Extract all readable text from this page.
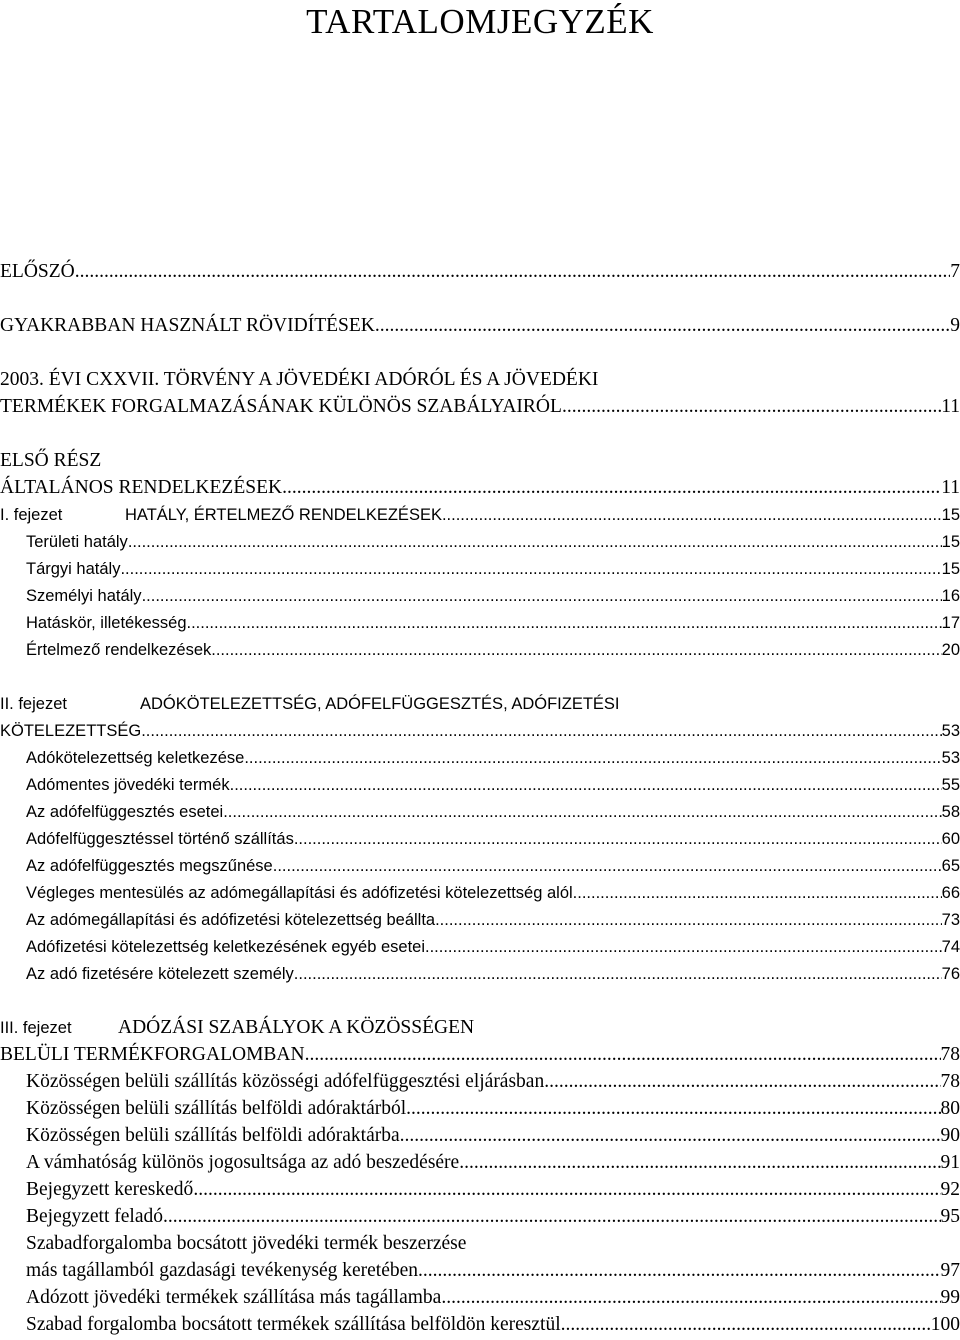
TARTALOMJEGYZÉK
ELŐSZÓ .....	7
GYAKRABBAN HASZNÁLT RÖVIDÍTÉSEK .....	9
2003. ÉVI CXXVII. TÖRVÉNY A JÖVEDÉKI ADÓRÓL ÉS A JÖVEDÉKI
TERMÉKEK FORGALMAZÁSÁNAK KÜLÖNÖS SZABÁLYAIRÓL .....	11
ELSŐ RÉSZ
ÁLTALÁNOS RENDELKEZÉSEK .....	11
I. fejezet	HATÁLY, ÉRTELMEZŐ RENDELKEZÉSEK .....	15
Területi hatály .....	15
Tárgyi hatály .....	15
Személyi hatály .....	16
Hatáskör, illetékesség .....	17
Értelmező rendelkezések .....	20
II. fejezet	ADÓKÖTELEZETTSÉG, ADÓFELFÜGGESZTÉS, ADÓFIZETÉSI
KÖTELEZETTSÉG .....	53
Adókötelezettség keletkezése .....	53
Adómentes jövedéki termék .....	55
Az adófelfüggesztés esetei .....	58
Adófelfüggesztéssel történő szállítás .....	60
Az adófelfüggesztés megszűnése .....	65
Végleges mentesülés az adómegállapítási és adófizetési kötelezettség alól. .....	66
Az adómegállapítási és adófizetési kötelezettség beállta .....	73
Adófizetési kötelezettség keletkezésének egyéb esetei .....	74
Az adó fizetésére kötelezett személy .....	76
III. fejezet ADÓZÁSI SZABÁLYOK A KÖZÖSSÉGEN
BELÜLI TERMÉKFORGALOMBAN .....	78
Közösségen belüli szállítás közösségi adófelfüggesztési eljárásban .....	78
Közösségen belüli szállítás belföldi adóraktárból .....	80
Közösségen belüli szállítás belföldi adóraktárba. .....	90
A vámhatóság különös jogosultsága az adó beszedésére .....	91
Bejegyzett kereskedő .....	92
Bejegyzett feladó .....	95
Szabadforgalomba bocsátott jövedéki termék beszerzése
más tagállamból gazdasági tevékenység keretében .....	97
Adózott jövedéki termékek szállítása más tagállamba .....	99
Szabad forgalomba bocsátott termékek szállítása belföldön keresztül .....	100
